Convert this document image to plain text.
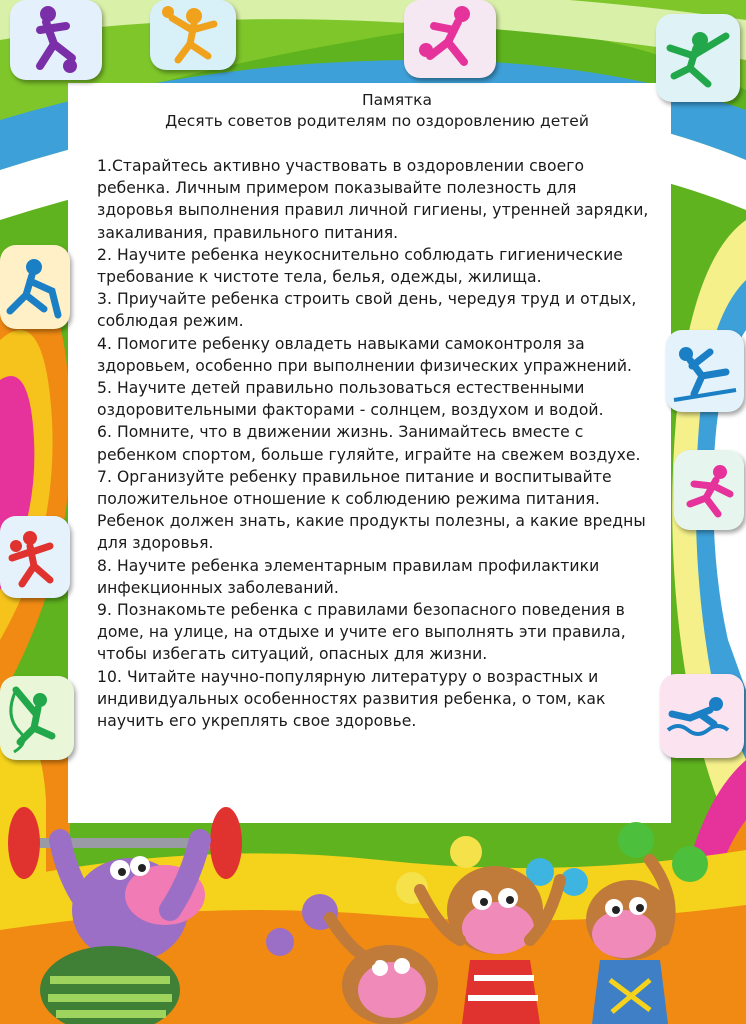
Памятка
Десять советов родителям по оздоровлению детей

1.Старайтесь активно участвовать в оздоровлении своего ребенка. Личным примером показывайте полезность для здоровья выполнения правил личной гигиены, утренней зарядки, закаливания, правильного питания.

2. Научите ребенка неукоснительно соблюдать гигиенические требование к чистоте тела, белья, одежды, жилища.

3. Приучайте ребенка строить свой день, чередуя труд и отдых, соблюдая режим.

4. Помогите ребенку овладеть навыками самоконтроля за здоровьем, особенно при выполнении физических упражнений.

5. Научите детей правильно пользоваться естественными оздоровительными факторами - солнцем, воздухом и водой.

6. Помните, что в движении жизнь. Занимайтесь вместе с ребенком спортом, больше гуляйте, играйте на свежем воздухе.

7. Организуйте ребенку правильное питание и воспитывайте положительное отношение к соблюдению режима питания. Ребенок должен знать, какие продукты полезны, а какие вредны для здоровья.

8. Научите ребенка элементарным правилам профилактики инфекционных заболеваний.

9. Познакомьте ребенка с правилами безопасного поведения в доме, на улице, на отдыхе и учите его выполнять эти правила, чтобы избегать ситуаций, опасных для жизни.

10. Читайте научно-популярную литературу о возрастных и индивидуальных особенностях развития ребенка, о том, как научить его укреплять свое здоровье.
